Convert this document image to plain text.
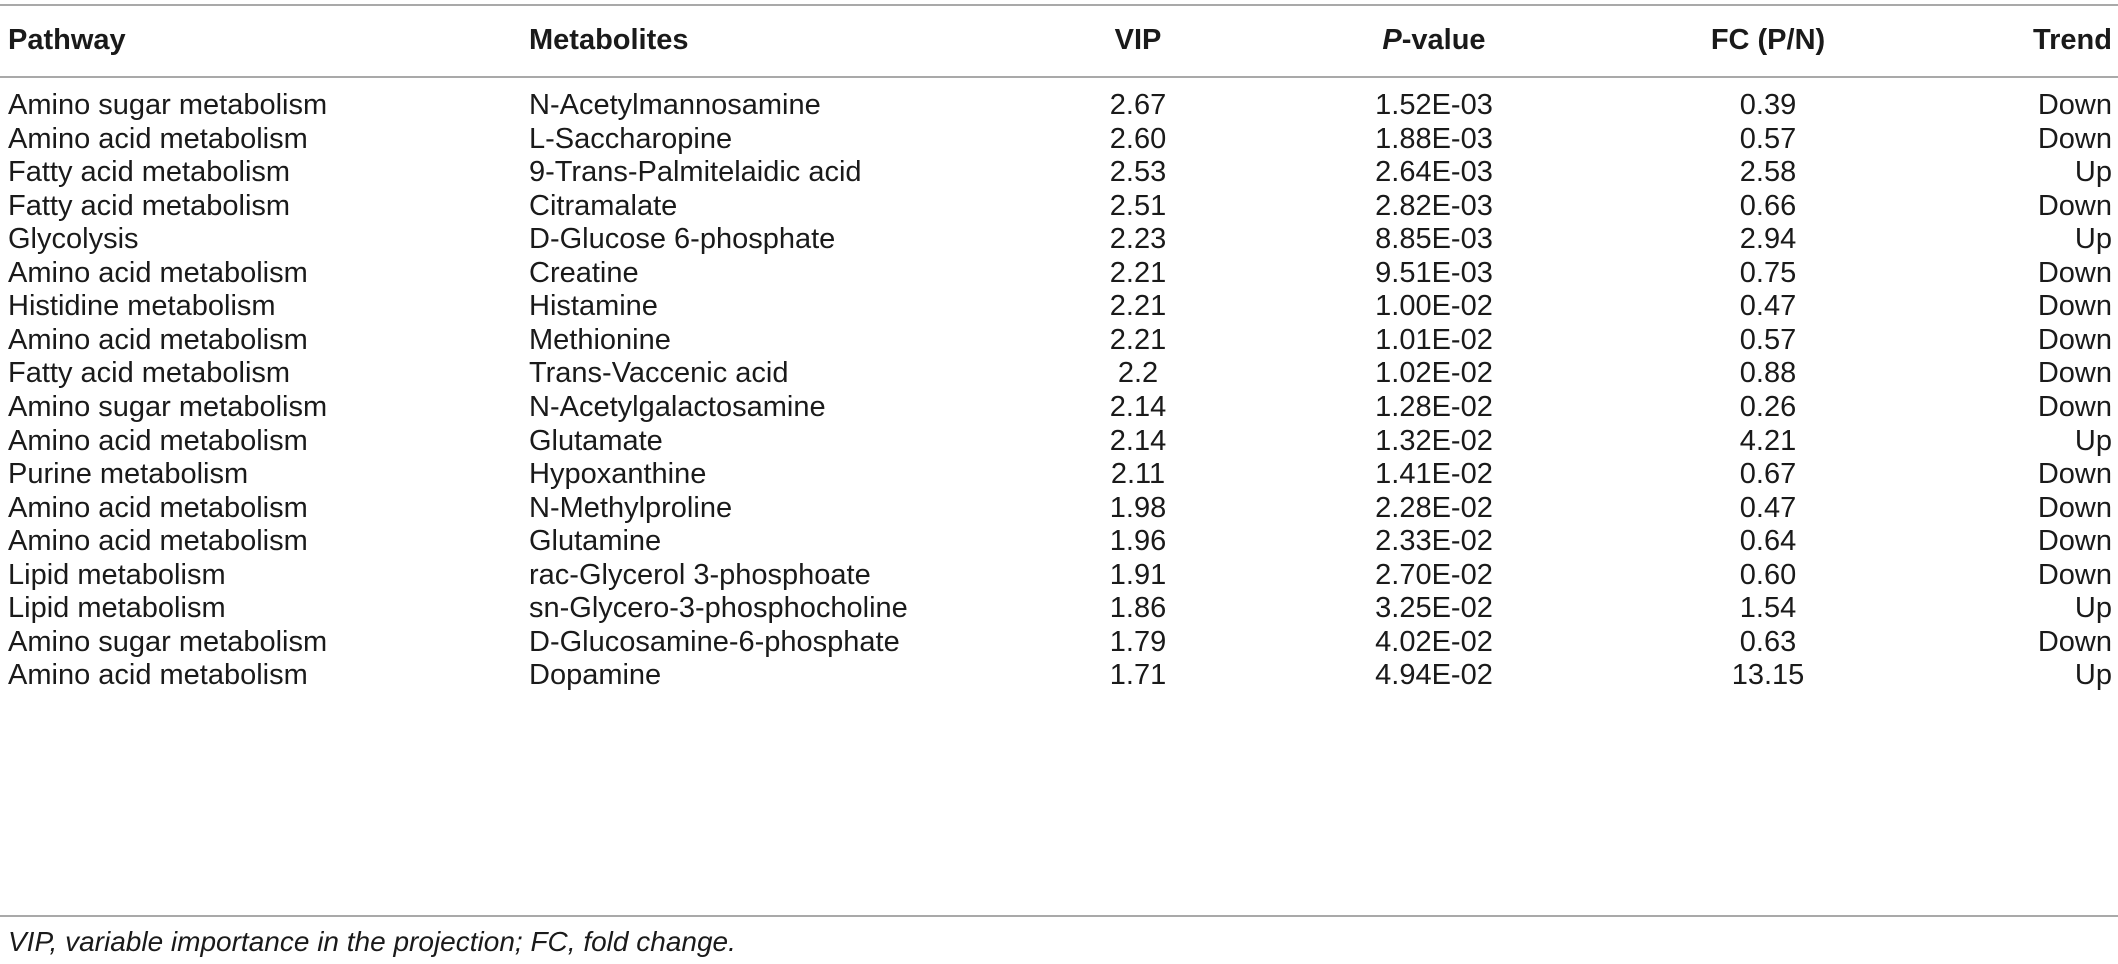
Pathway	Metabolites	VIP	P-value	FC (P/N)	Trend
Amino sugar metabolism	N-Acetylmannosamine	2.67	1.52E-03	0.39	Down
Amino acid metabolism	L-Saccharopine	2.60	1.88E-03	0.57	Down
Fatty acid metabolism	9-Trans-Palmitelaidic acid	2.53	2.64E-03	2.58	Up
Fatty acid metabolism	Citramalate	2.51	2.82E-03	0.66	Down
Glycolysis	D-Glucose 6-phosphate	2.23	8.85E-03	2.94	Up
Amino acid metabolism	Creatine	2.21	9.51E-03	0.75	Down
Histidine metabolism	Histamine	2.21	1.00E-02	0.47	Down
Amino acid metabolism	Methionine	2.21	1.01E-02	0.57	Down
Fatty acid metabolism	Trans-Vaccenic acid	2.2	1.02E-02	0.88	Down
Amino sugar metabolism	N-Acetylgalactosamine	2.14	1.28E-02	0.26	Down
Amino acid metabolism	Glutamate	2.14	1.32E-02	4.21	Up
Purine metabolism	Hypoxanthine	2.11	1.41E-02	0.67	Down
Amino acid metabolism	N-Methylproline	1.98	2.28E-02	0.47	Down
Amino acid metabolism	Glutamine	1.96	2.33E-02	0.64	Down
Lipid metabolism	rac-Glycerol 3-phosphoate	1.91	2.70E-02	0.60	Down
Lipid metabolism	sn-Glycero-3-phosphocholine	1.86	3.25E-02	1.54	Up
Amino sugar metabolism	D-Glucosamine-6-phosphate	1.79	4.02E-02	0.63	Down
Amino acid metabolism	Dopamine	1.71	4.94E-02	13.15	Up
VIP, variable importance in the projection; FC, fold change.
